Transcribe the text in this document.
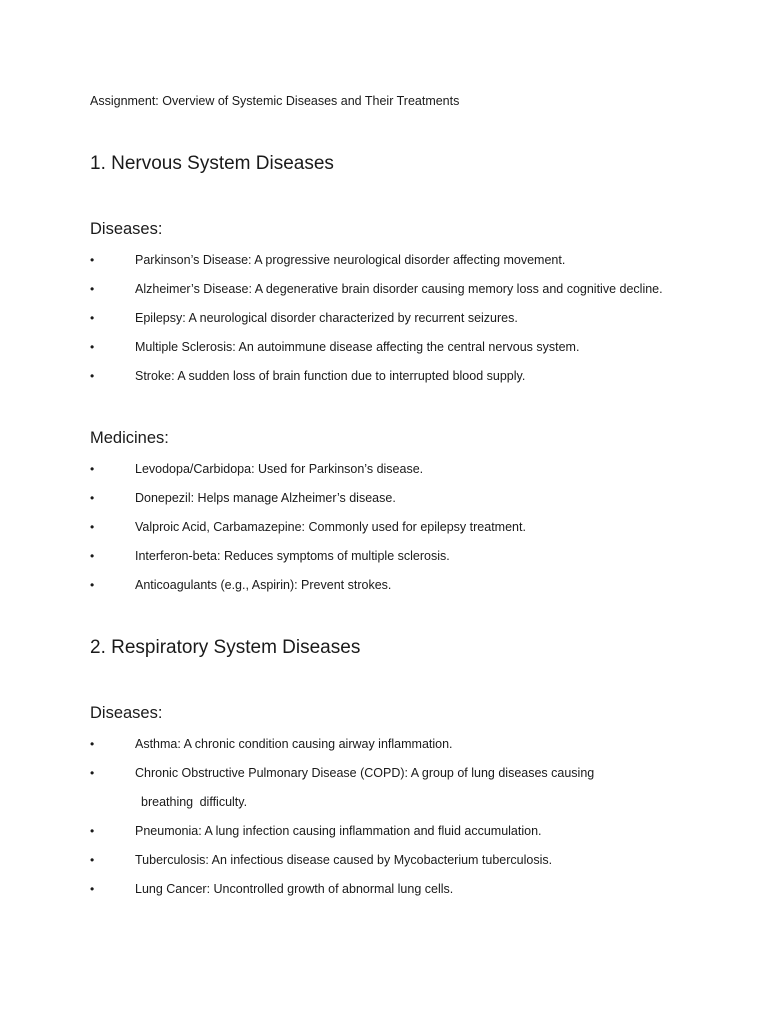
Assignment: Overview of Systemic Diseases and Their Treatments
1. Nervous System Diseases
Diseases:
•	Parkinson’s Disease: A progressive neurological disorder affecting movement.
•	Alzheimer’s Disease: A degenerative brain disorder causing memory loss and cognitive decline.
•	Epilepsy: A neurological disorder characterized by recurrent seizures.
•	Multiple Sclerosis: An autoimmune disease affecting the central nervous system.
•	Stroke: A sudden loss of brain function due to interrupted blood supply.
Medicines:
•	Levodopa/Carbidopa: Used for Parkinson’s disease.
•	Donepezil: Helps manage Alzheimer’s disease.
•	Valproic Acid, Carbamazepine: Commonly used for epilepsy treatment.
•	Interferon-beta: Reduces symptoms of multiple sclerosis.
•	Anticoagulants (e.g., Aspirin): Prevent strokes.
2. Respiratory System Diseases
Diseases:
•	Asthma: A chronic condition causing airway inflammation.
•	Chronic Obstructive Pulmonary Disease (COPD): A group of lung diseases causing
breathing difficulty.
•	Pneumonia: A lung infection causing inflammation and fluid accumulation.
•	Tuberculosis: An infectious disease caused by Mycobacterium tuberculosis.
•	Lung Cancer: Uncontrolled growth of abnormal lung cells.
